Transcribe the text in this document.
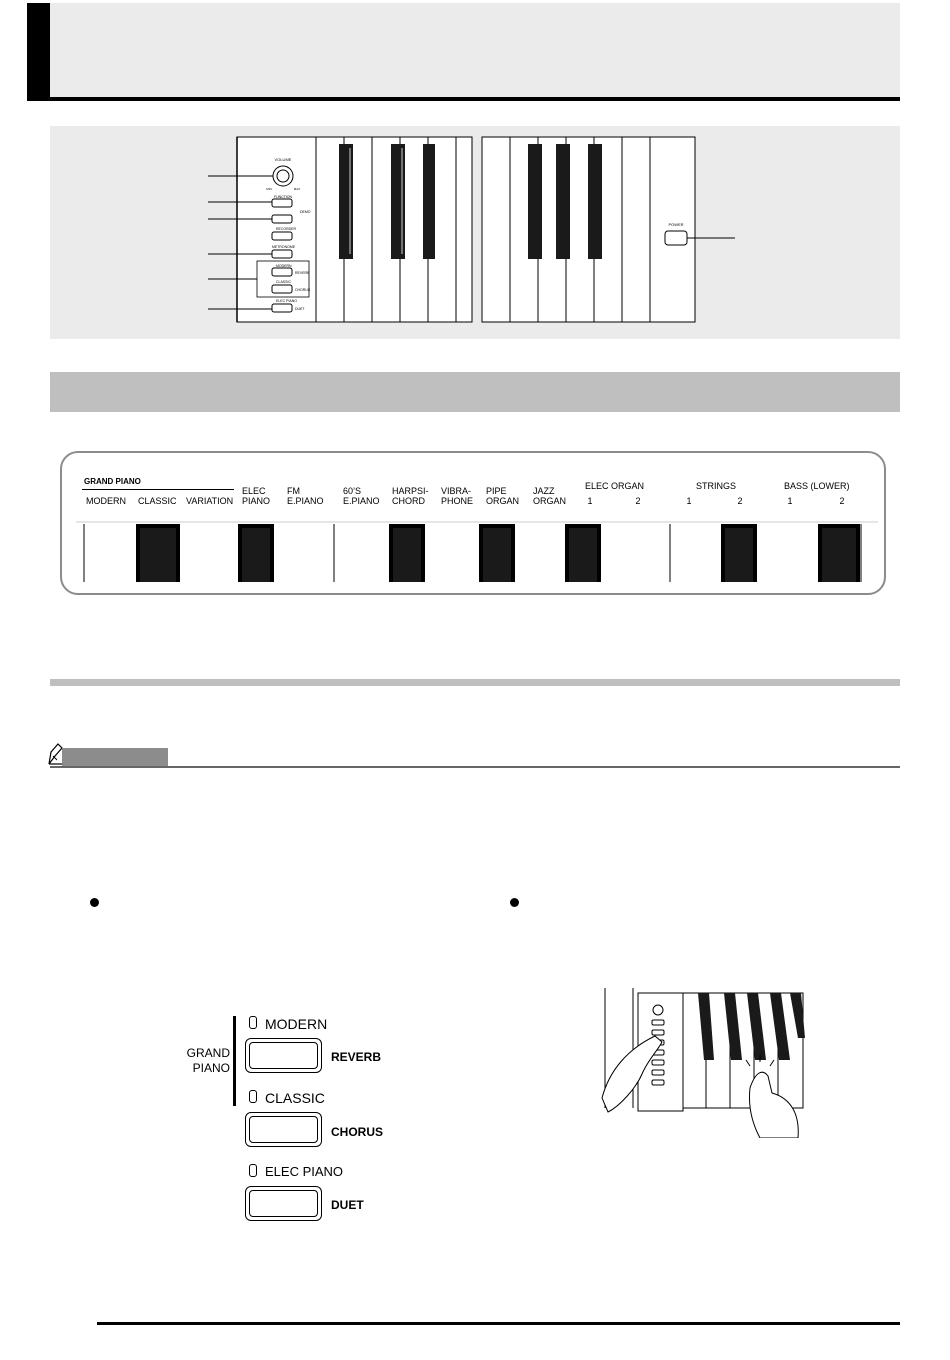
VOLUME
MIN	MAX
FUNCTION
DEMO
RECORDER
METRONOME
MODERN
REVERB
CLASSIC
CHORUS
ELEC PIANO
DUET
POWER
GRAND PIANO
MODERN CLASSIC VARIATION
ELEC
PIANO
FM
E.PIANO
60’S
E.PIANO
HARPSI-
CHORD
VIBRA-
PHONE
PIPE
ORGAN
JAZZ
ORGAN
ELEC ORGAN	STRINGS	BASS (LOWER)
1	2	1	2	1	2
GRAND
PIANO
MODERN
REVERB
CLASSIC
CHORUS
ELEC PIANO
DUET
